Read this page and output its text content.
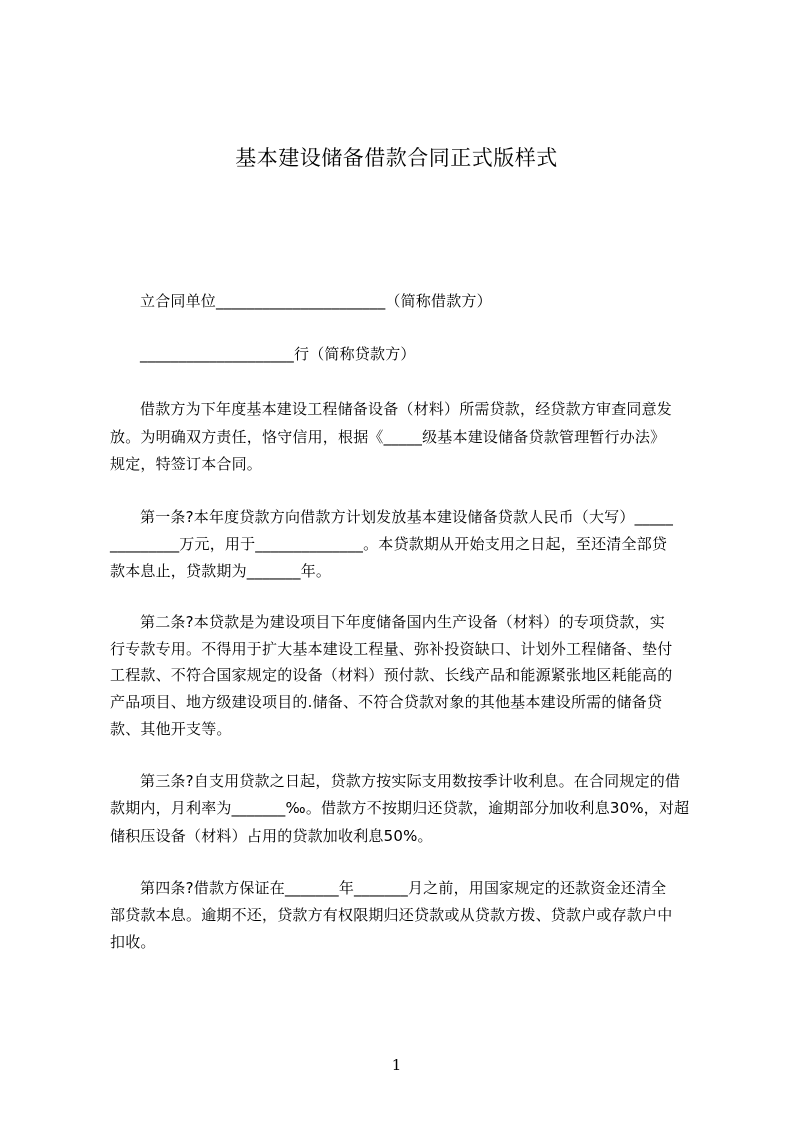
基本建设储备借款合同正式版样式
立合同单位______________________（简称借款方）
____________________行（简称贷款方）
借款方为下年度基本建设工程储备设备（材料）所需贷款，经贷款方审查同意发
放。为明确双方责任，恪守信用，根据《_____级基本建设储备贷款管理暂行办法》
规定，特签订本合同。
第一条?本年度贷款方向借款方计划发放基本建设储备贷款人民币（大写）_____
_________万元，用于______________。本贷款期从开始支用之日起，至还清全部贷
款本息止，贷款期为_______年。
第二条?本贷款是为建设项目下年度储备国内生产设备（材料）的专项贷款，实
行专款专用。不得用于扩大基本建设工程量、弥补投资缺口、计划外工程储备、垫付
工程款、不符合国家规定的设备（材料）预付款、长线产品和能源紧张地区耗能高的
产品项目、地方级建设项目的.储备、不符合贷款对象的其他基本建设所需的储备贷
款、其他开支等。
第三条?自支用贷款之日起，贷款方按实际支用数按季计收利息。在合同规定的借
款期内，月利率为_______‰。借款方不按期归还贷款，逾期部分加收利息30%，对超
储积压设备（材料）占用的贷款加收利息50%。
第四条?借款方保证在_______年_______月之前，用国家规定的还款资金还清全
部贷款本息。逾期不还，贷款方有权限期归还贷款或从贷款方拨、贷款户或存款户中
扣收。
1
